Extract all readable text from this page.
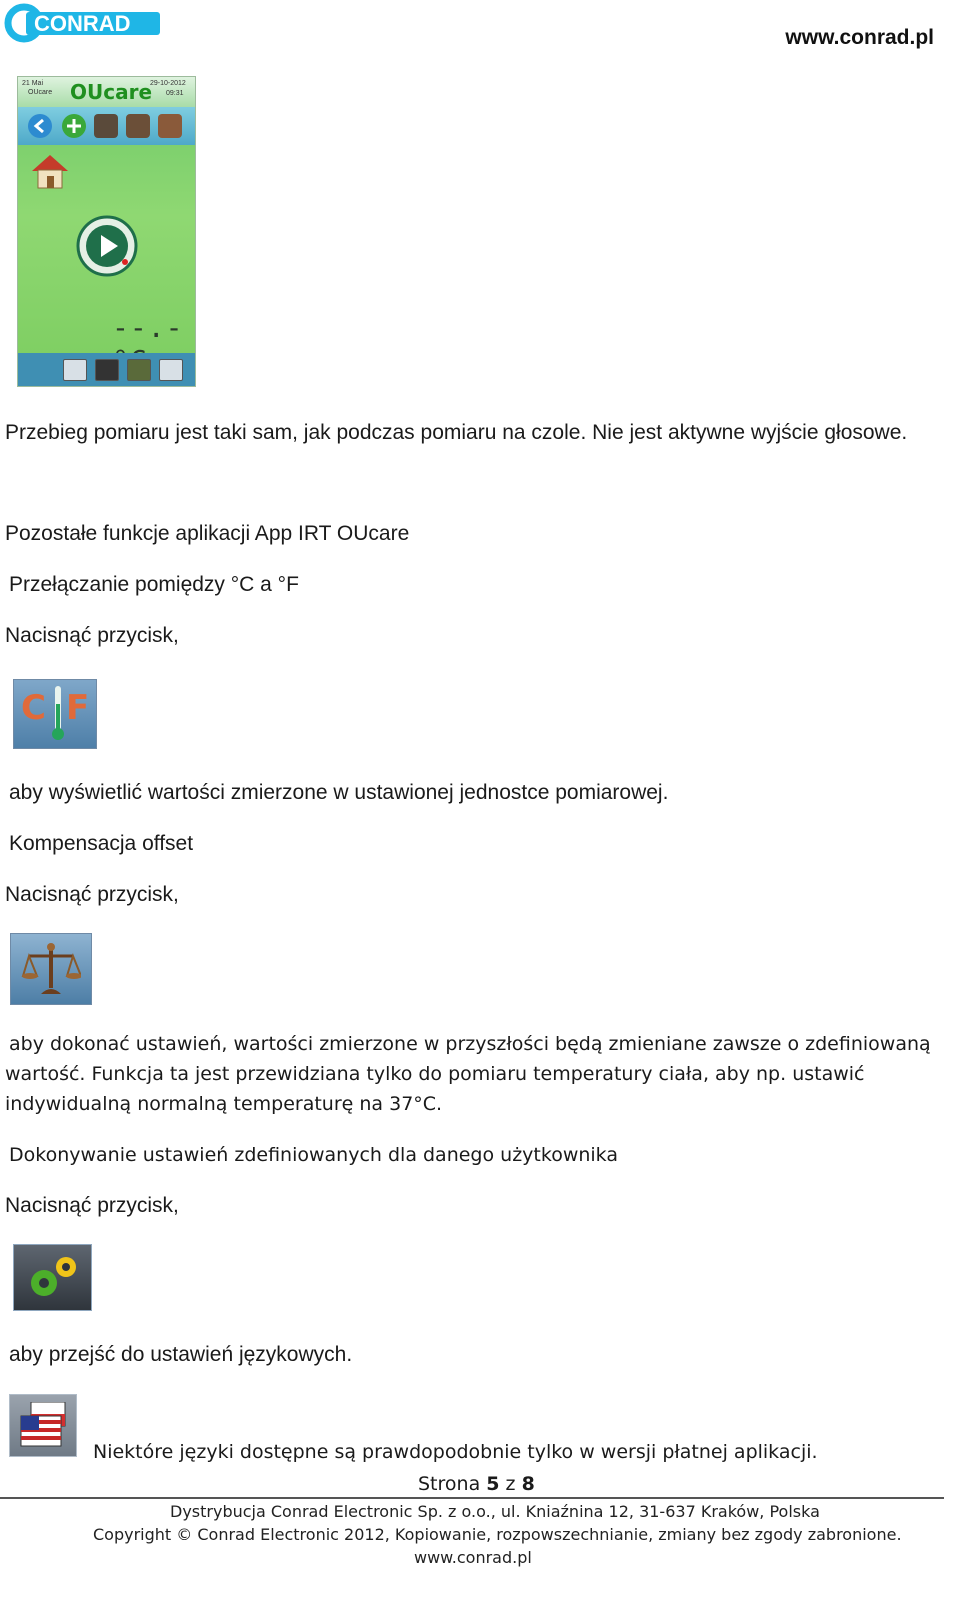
CONRAD
www.conrad.pl
21 Mai
OUcare OUcare
29-10-2012
09:31
--.-
Przebieg pomiaru jest taki sam, jak podczas pomiaru na czole. Nie jest aktywne wyjście głosowe.
Pozostałe funkcje aplikacji App IRT OUcare
Przełączanie pomiędzy °C a °F
Nacisnąć przycisk,
C F
aby wyświetlić wartości zmierzone w ustawionej jednostce pomiarowej.
Kompensacja offset
Nacisnąć przycisk,
aby dokonać ustawień, wartości zmierzone w przyszłości będą zmieniane zawsze o zdefiniowaną
wartość. Funkcja ta jest przewidziana tylko do pomiaru temperatury ciała, aby np. ustawić
indywidualną normalną temperaturę na 37°C.
Dokonywanie ustawień zdefiniowanych dla danego użytkownika
Nacisnąć przycisk,
aby przejść do ustawień językowych.
Niektóre języki dostępne są prawdopodobnie tylko w wersji płatnej aplikacji.
Strona 5 z 8
Dystrybucja Conrad Electronic Sp. z o.o., ul. Kniaźnina 12, 31-637 Kraków, Polska
Copyright © Conrad Electronic 2012, Kopiowanie, rozpowszechnianie, zmiany bez zgody zabronione.
www.conrad.pl
